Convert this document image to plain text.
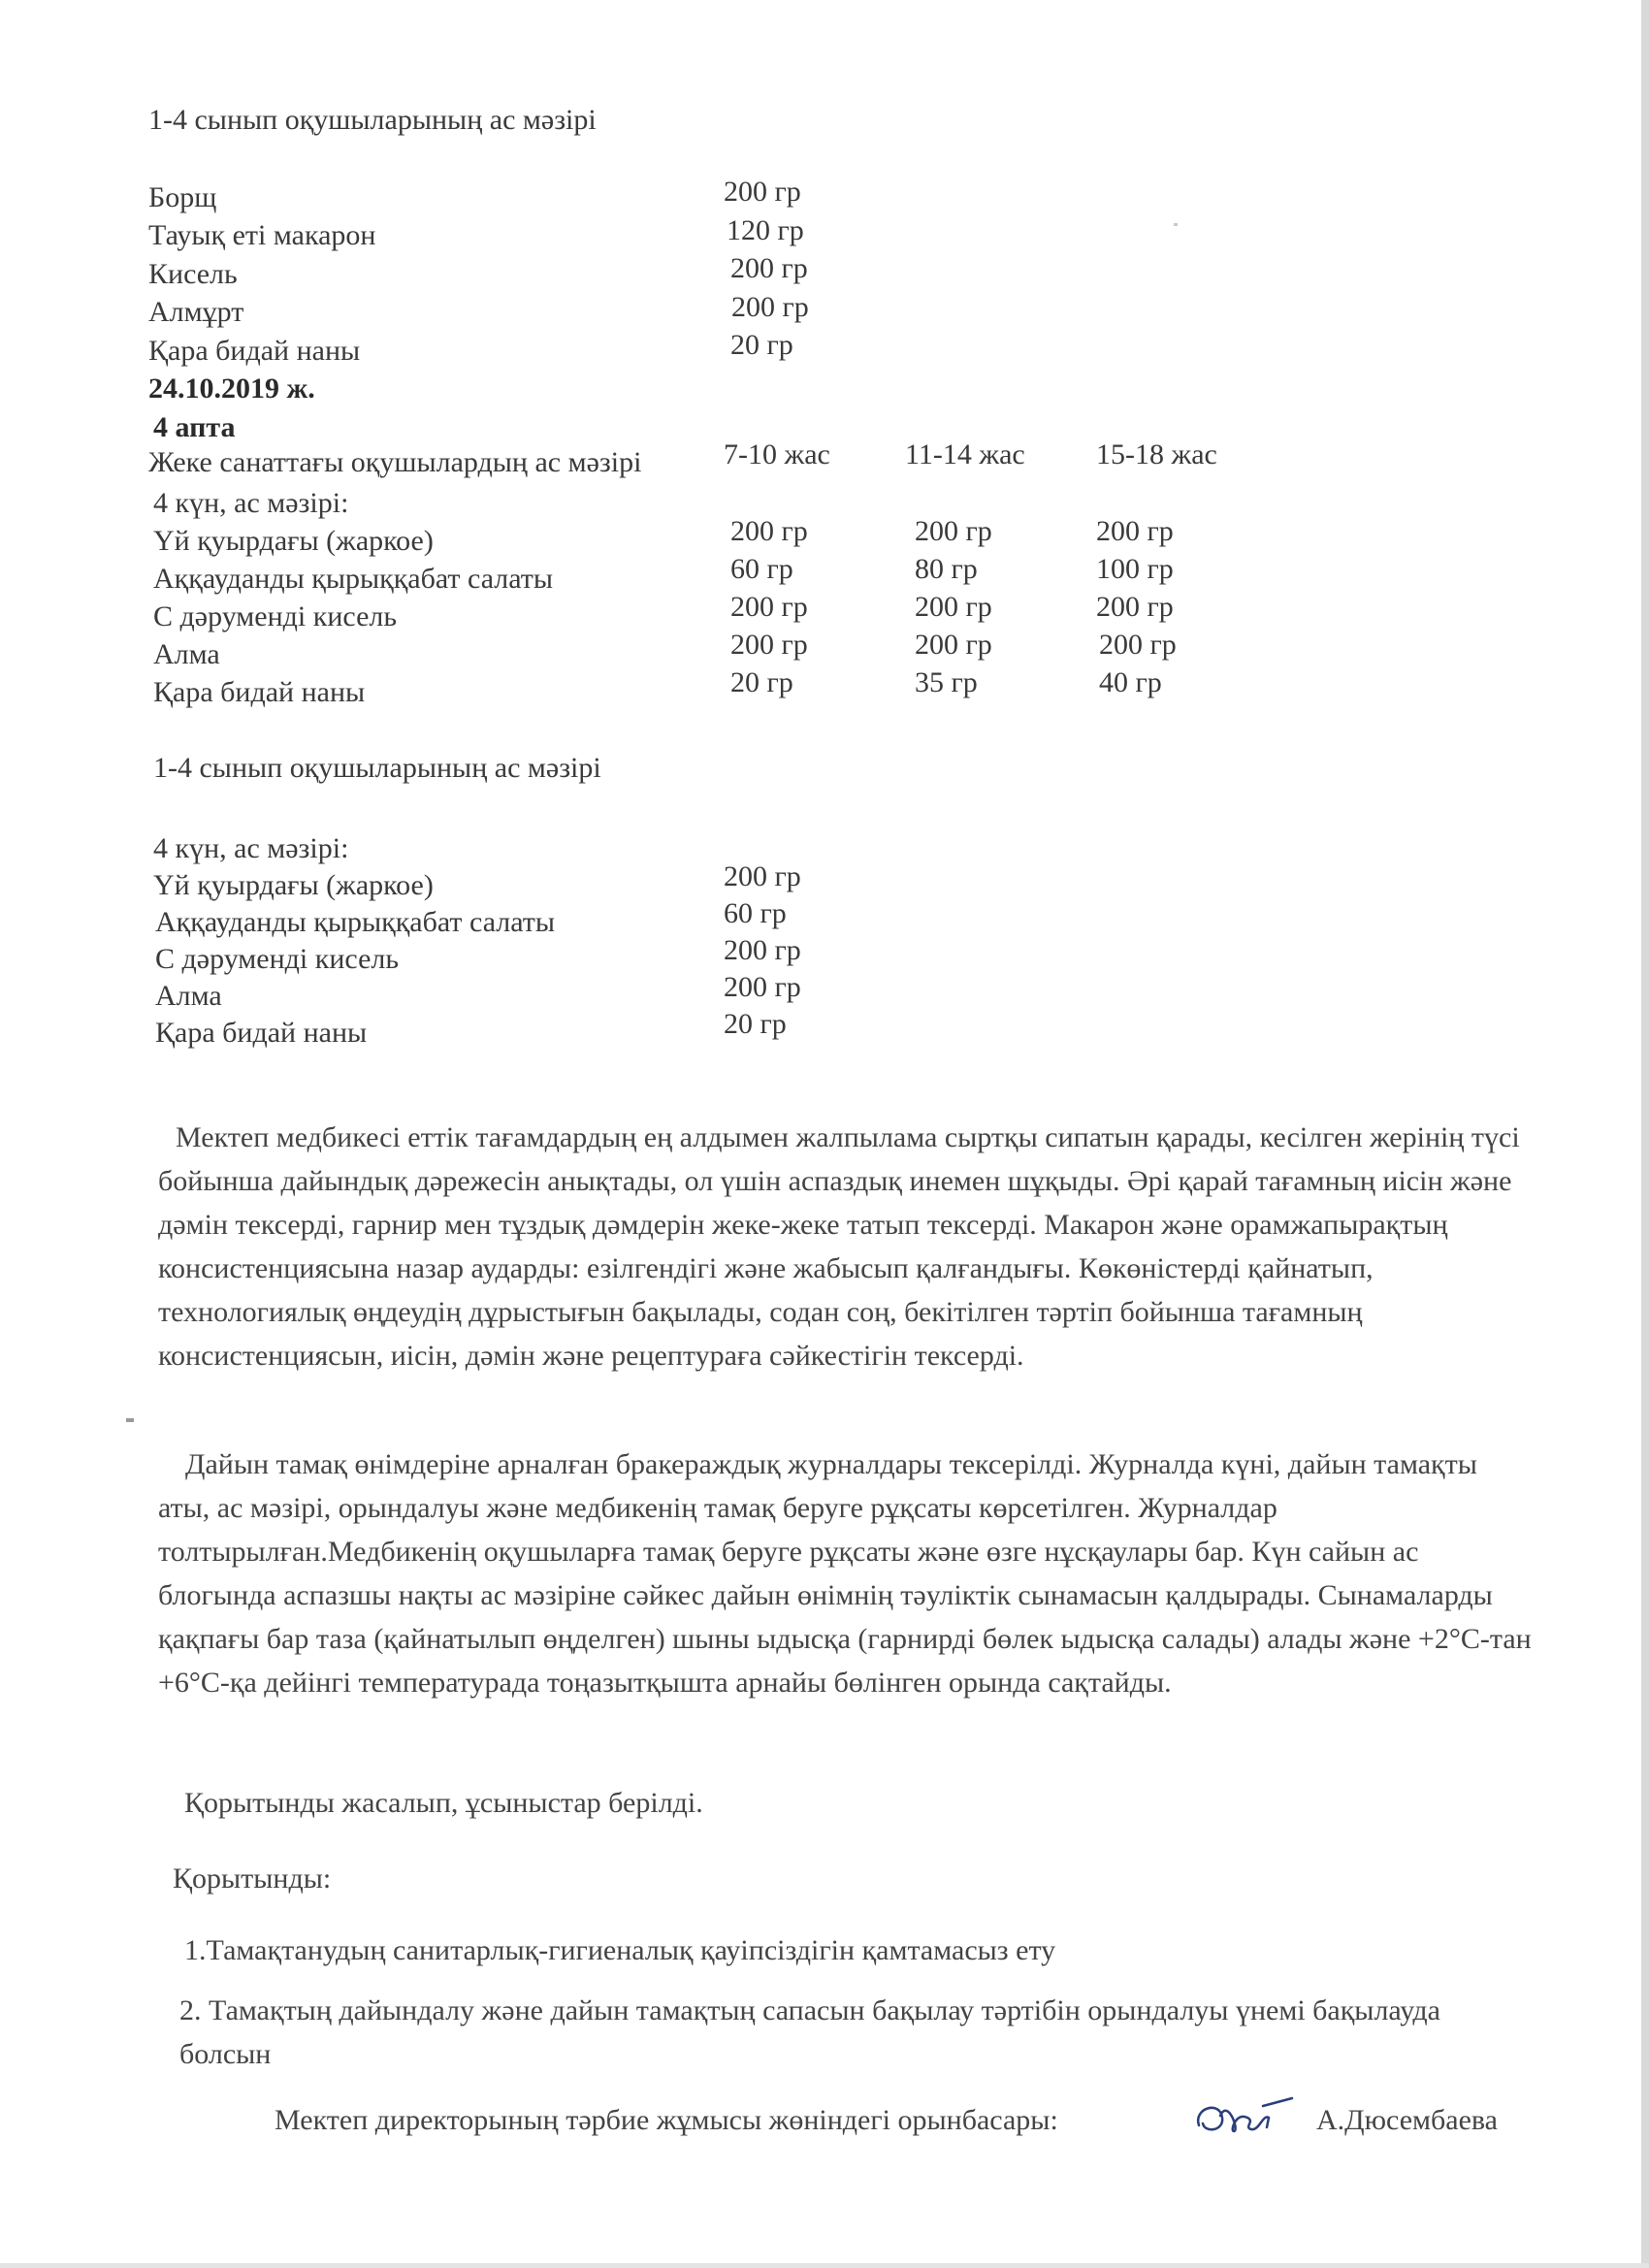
1-4 сынып оқушыларының ас мәзірі
Борщ	200 гр
Тауық еті макарон	120 гр
Кисель	200 гр
Алмұрт	200 гр
Қара бидай наны	20 гр
24.10.2019 ж.
4 апта
Жеке санаттағы оқушылардың ас мәзірі	7-10 жас	11-14 жас 15-18 жас
4 күн, ас мәзірі:
Үй қуырдағы (жаркое)	200 гр	200 гр	200 гр
Аққауданды қырыққабат салаты	60 гр	80 гр	100 гр
С дәруменді кисель	200 гр	200 гр	200 гр
Алма	200 гр	200 гр	200 гр
Қара бидай наны	20 гр	35 гр	40 гр
1-4 сынып оқушыларының ас мәзірі
4 күн, ас мәзірі:
Үй қуырдағы (жаркое)	200 гр
Аққауданды қырыққабат салаты	60 гр
С дәруменді кисель	200 гр
Алма	200 гр
Қара бидай наны	20 гр

Мектеп медбикесі еттік тағамдардың ең алдымен жалпылама сыртқы сипатын қарады, кесілген жерінің түсі бойынша дайындық дәрежесін анықтады, ол үшін аспаздық инемен шұқыды. Әрі қарай тағамның иісін және дәмін тексерді, гарнир мен тұздық дәмдерін жеке-жеке татып тексерді. Макарон және орамжапырақтың консистенциясына назар аударды: езілгендігі және жабысып қалғандығы. Көкөністерді қайнатып, технологиялық өңдеудің дұрыстығын бақылады, содан соң, бекітілген тәртіп бойынша тағамның консистенциясын, иісін, дәмін және рецептураға сәйкестігін тексерді.

Дайын тамақ өнімдеріне арналған бракераждық журналдары тексерілді. Журналда күні, дайын тамақты аты, ас мәзірі, орындалуы және медбикенің тамақ беруге рұқсаты көрсетілген. Журналдар толтырылған.Медбикенің оқушыларға тамақ беруге рұқсаты және өзге нұсқаулары бар. Күн сайын ас блогында аспазшы нақты ас мәзіріне сәйкес дайын өнімнің тәуліктік сынамасын қалдырады. Сынамаларды қақпағы бар таза (қайнатылып өңделген) шыны ыдысқа (гарнирді бөлек ыдысқа салады) алады және +2°С-тан +6°С-қа дейінгі температурада тоңазытқышта арнайы бөлінген орында сақтайды.

Қорытынды жасалып, ұсыныстар берілді.
Қорытынды:
1.Тамақтанудың санитарлық-гигиеналық қауіпсіздігін қамтамасыз ету

2. Тамақтың дайындалу және дайын тамақтың сапасын бақылау тәртібін орындалуы үнемі бақылауда болсын

Мектеп директорының тәрбие жұмысы жөніндегі орынбасары:	А.Дюсембаева
